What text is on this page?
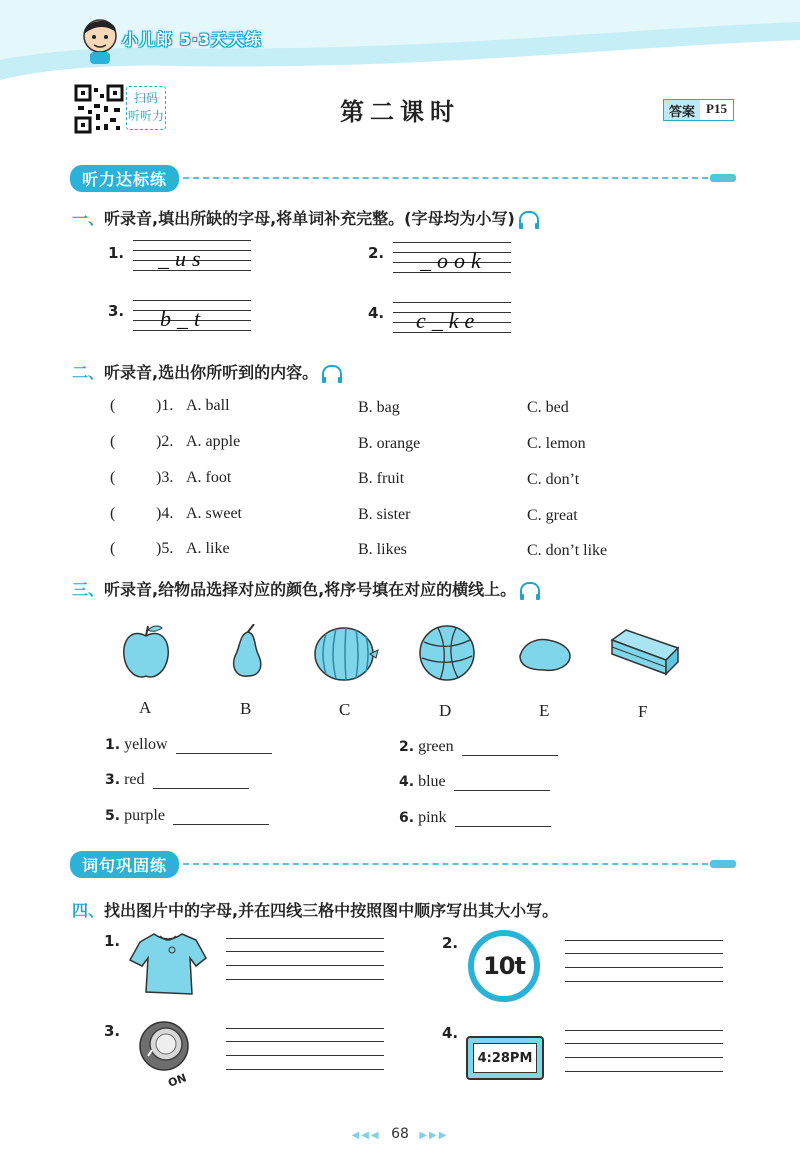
小儿郎 5·3天天练
扫码
听听力	第二课时	答案 P15
听力达标练
一、听录音,填出所缺的字母,将单词补充完整。(字母均为小写)
1. _us	2. _ook
3. b_t	4. c_ke
二、听录音,选出你所听到的内容。
(	)1. A. ball	B. bag	C. bed
(	)2. A. apple	B. orange	C. lemon
(	)3. A. foot	B. fruit	C. don’t
(	)4. A. sweet	B. sister	C. great
(	)5. A. like	B. likes	C. don’t like
三、听录音,给物品选择对应的颜色,将序号填在对应的横线上。
A	B	C	D	E	F
1. yellow	2. green
3. red	4. blue
5. purple	6. pink
词句巩固练
四、找出图片中的字母,并在四线三格中按照图中顺序写出其大小写。
1.	2.
10t
3.
ON
4.
4:28PM
◀◀◀ 68 ▶▶▶
